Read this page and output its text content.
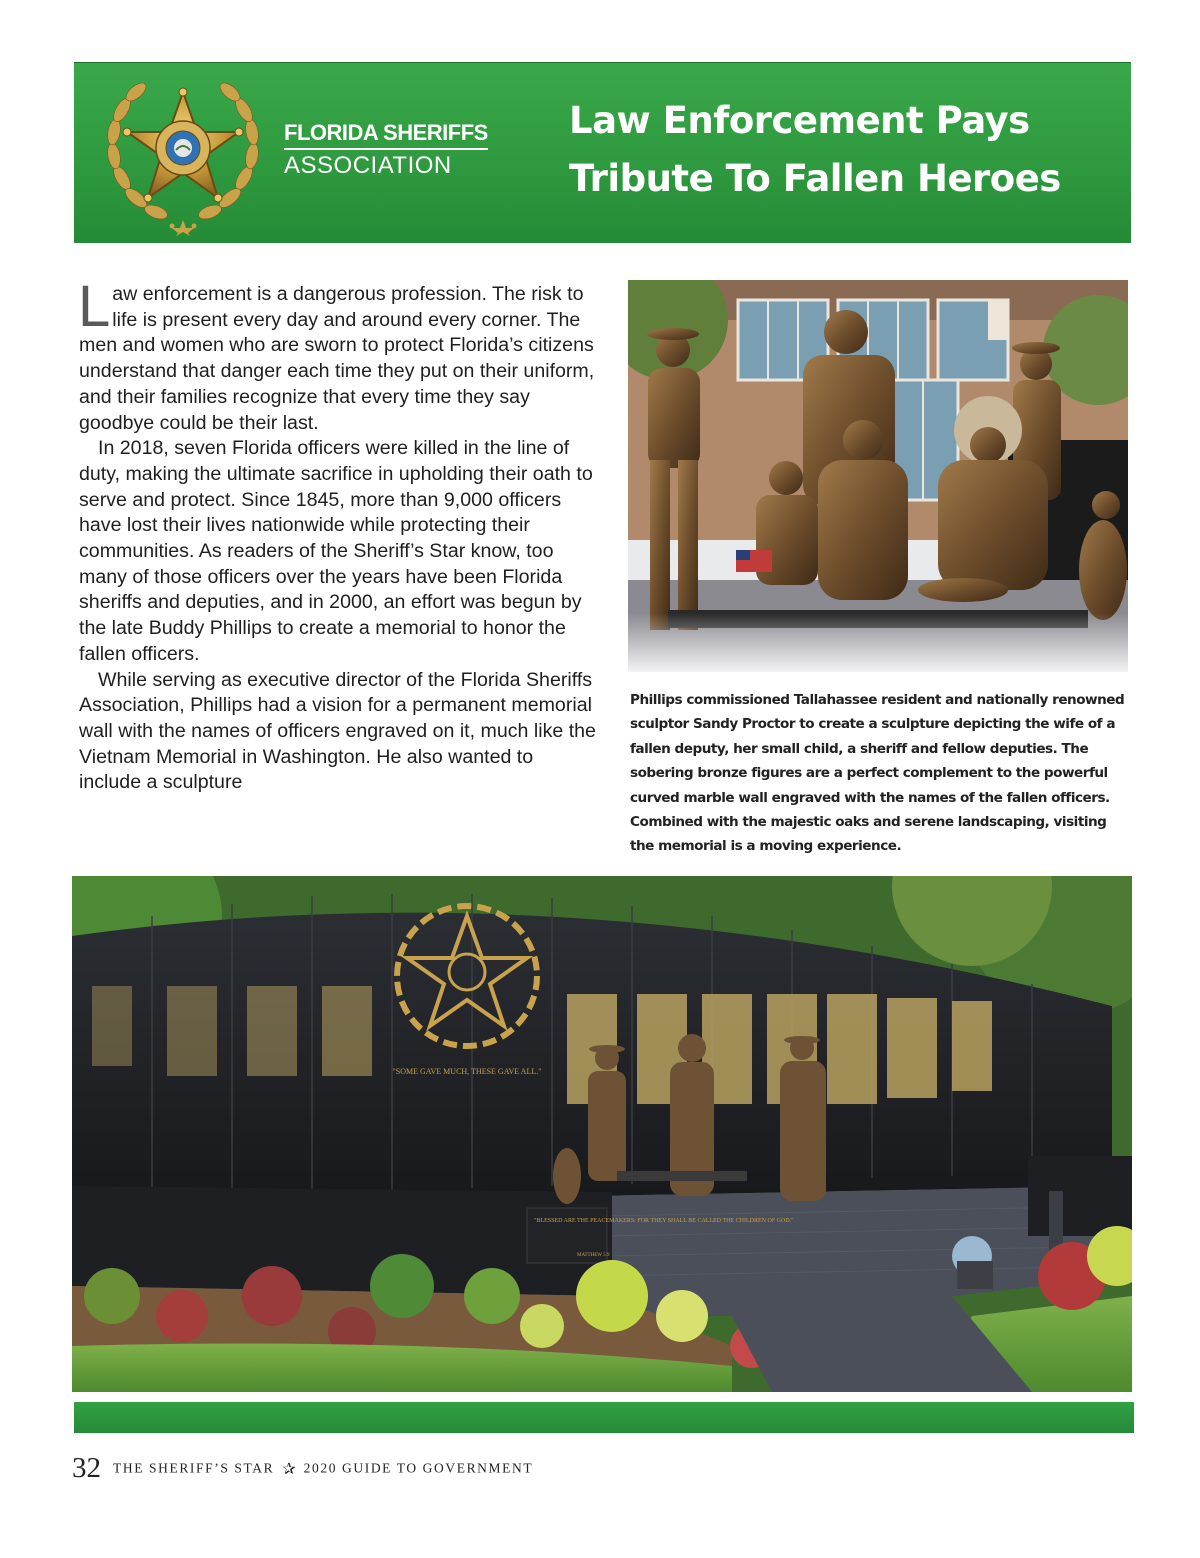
FLORIDA SHERIFFS
ASSOCIATION
Law Enforcement Pays
Tribute To Fallen Heroes

Law enforcement is a dangerous profession. The risk to life is present every day and around every corner. The men and women who are sworn to protect Florida’s citizens understand that danger each time they put on their uniform, and their families recognize that every time they say goodbye could be their last.

In 2018, seven Florida officers were killed in the line of duty, making the ultimate sacrifice in upholding their oath to serve and protect. Since 1845, more than 9,000 officers have lost their lives nationwide while protecting their communities. As readers of the Sheriff’s Star know, too many of those officers over the years have been Florida sheriffs and deputies, and in 2000, an effort was begun by the late Buddy Phillips to create a memorial to honor the fallen officers.

While serving as executive director of the Florida Sheriffs Association, Phillips had a vision for a permanent memorial wall with the names of officers engraved on it, much like the Vietnam Memorial in Washington. He also wanted to include a sculpture

Phillips commissioned Tallahassee resident and nationally renowned sculptor Sandy Proctor to create a sculpture depicting the wife of a fallen deputy, her small child, a sheriff and fellow deputies. The sobering bronze figures are a perfect complement to the powerful curved marble wall engraved with the names of the fallen officers. Combined with the majestic oaks and serene landscaping, visiting the memorial is a moving experience.

"SOME GAVE MUCH, THESE GAVE ALL."
"BLESSED ARE THE PEACEMAKERS: FOR THEY SHALL BE CALLED THE CHILDREN OF GOD."
MATTHEW 5:9
32 THE SHERIFF’S STAR ✰ 2020 GUIDE TO GOVERNMENT
